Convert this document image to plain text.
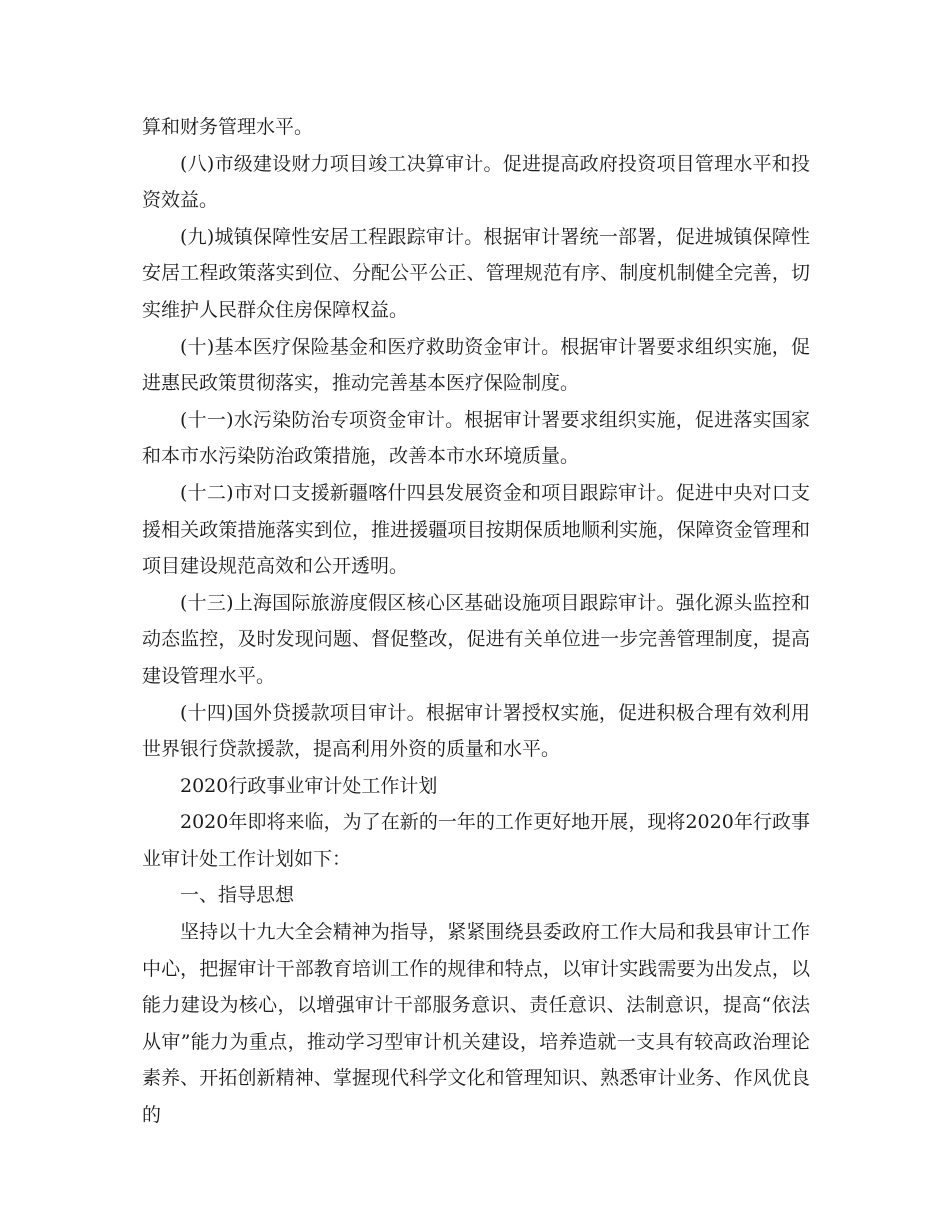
算和财务管理水平。

(八)市级建设财力项目竣工决算审计。促进提高政府投资项目管理水平和投资效益。

(九)城镇保障性安居工程跟踪审计。根据审计署统一部署，促进城镇保障性安居工程政策落实到位、分配公平公正、管理规范有序、制度机制健全完善，切实维护人民群众住房保障权益。

(十)基本医疗保险基金和医疗救助资金审计。根据审计署要求组织实施，促进惠民政策贯彻落实，推动完善基本医疗保险制度。

(十一)水污染防治专项资金审计。根据审计署要求组织实施，促进落实国家和本市水污染防治政策措施，改善本市水环境质量。

(十二)市对口支援新疆喀什四县发展资金和项目跟踪审计。促进中央对口支援相关政策措施落实到位，推进援疆项目按期保质地顺利实施，保障资金管理和项目建设规范高效和公开透明。

(十三)上海国际旅游度假区核心区基础设施项目跟踪审计。强化源头监控和动态监控，及时发现问题、督促整改，促进有关单位进一步完善管理制度，提高建设管理水平。

(十四)国外贷援款项目审计。根据审计署授权实施，促进积极合理有效利用世界银行贷款援款，提高利用外资的质量和水平。

2020行政事业审计处工作计划

2020年即将来临，为了在新的一年的工作更好地开展，现将2020年行政事业审计处工作计划如下：

一、指导思想

坚持以十九大全会精神为指导，紧紧围绕县委政府工作大局和我县审计工作中心，把握审计干部教育培训工作的规律和特点，以审计实践需要为出发点，以能力建设为核心，以增强审计干部服务意识、责任意识、法制意识，提高“依法从审”能力为重点，推动学习型审计机关建设，培养造就一支具有较高政治理论素养、开拓创新精神、掌握现代科学文化和管理知识、熟悉审计业务、作风优良的
